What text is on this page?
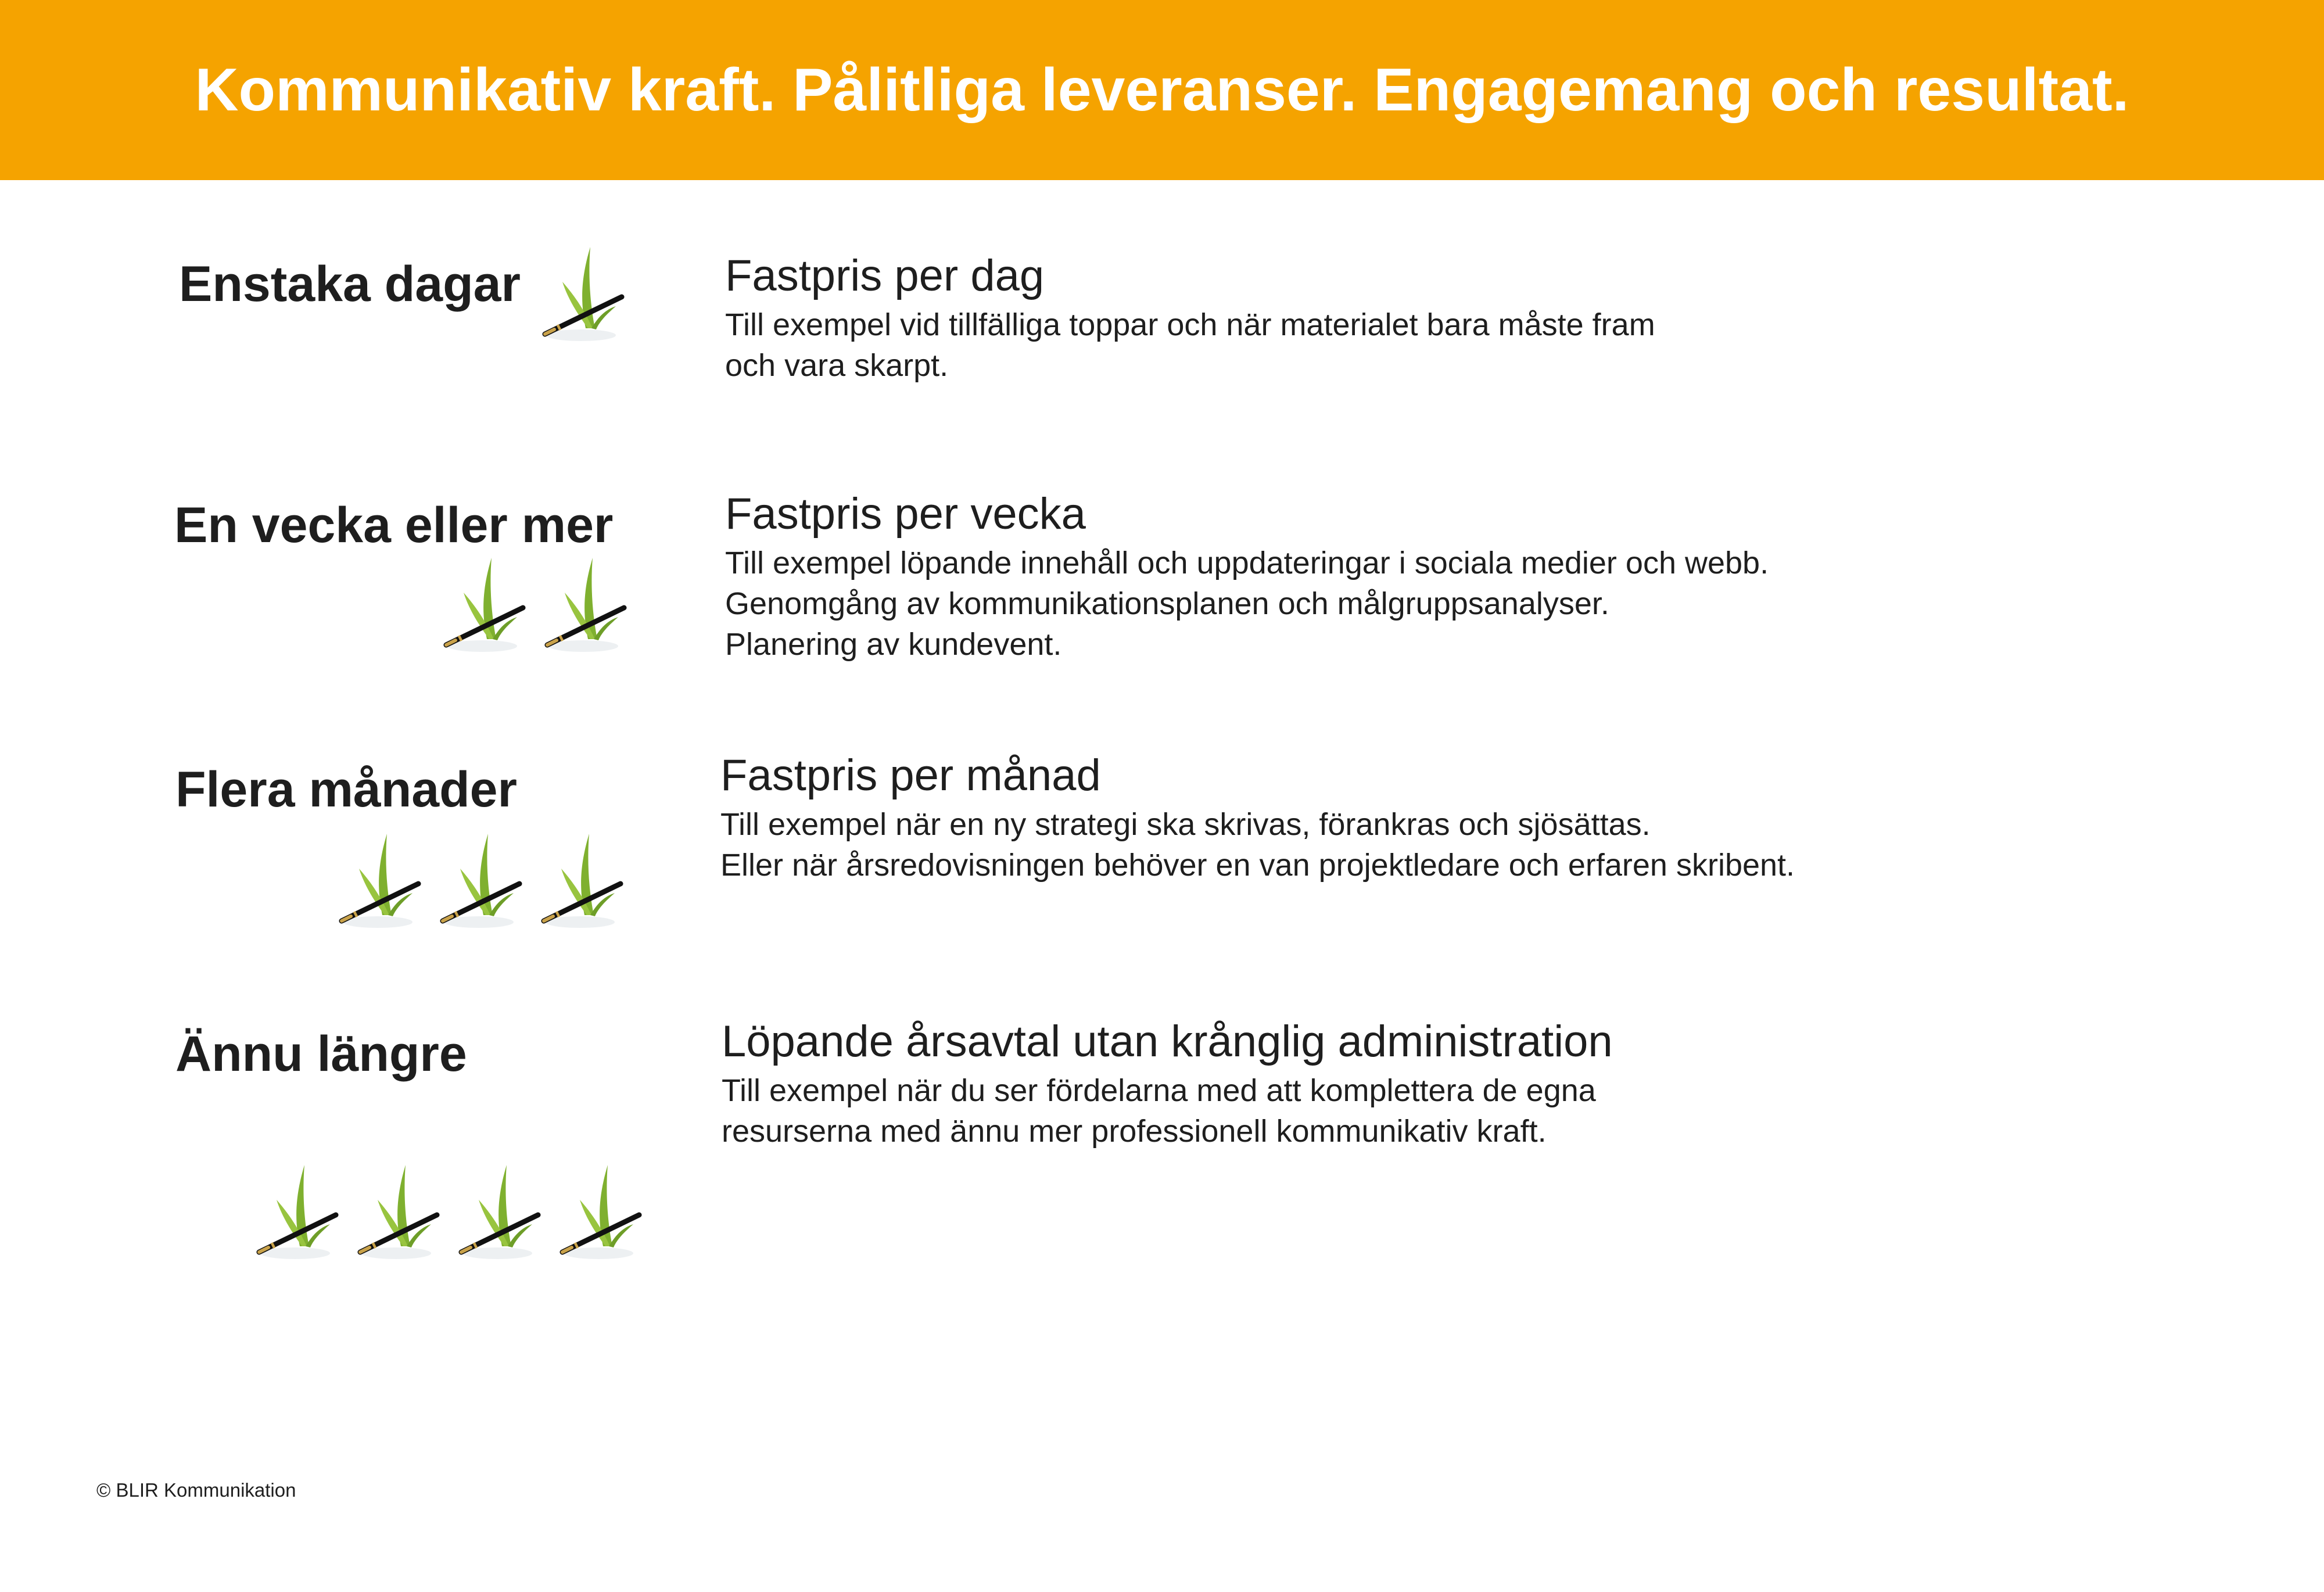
Kommunikativ kraft. Pålitliga leveranser. Engagemang och resultat.
Enstaka dagar	Fastpris per dag
Till exempel vid tillfälliga toppar och när materialet bara måste fram
och vara skarpt.
En vecka eller mer	Fastpris per vecka
Till exempel löpande innehåll och uppdateringar i sociala medier och webb.
Genomgång av kommunikationsplanen och målgruppsanalyser.
Planering av kundevent.
Flera månader	Fastpris per månad
Till exempel när en ny strategi ska skrivas, förankras och sjösättas.
Eller när årsredovisningen behöver en van projektledare och erfaren skribent.
Ännu längre	Löpande årsavtal utan krånglig administration
Till exempel när du ser fördelarna med att komplettera de egna
resurserna med ännu mer professionell kommunikativ kraft.
© BLIR Kommunikation
